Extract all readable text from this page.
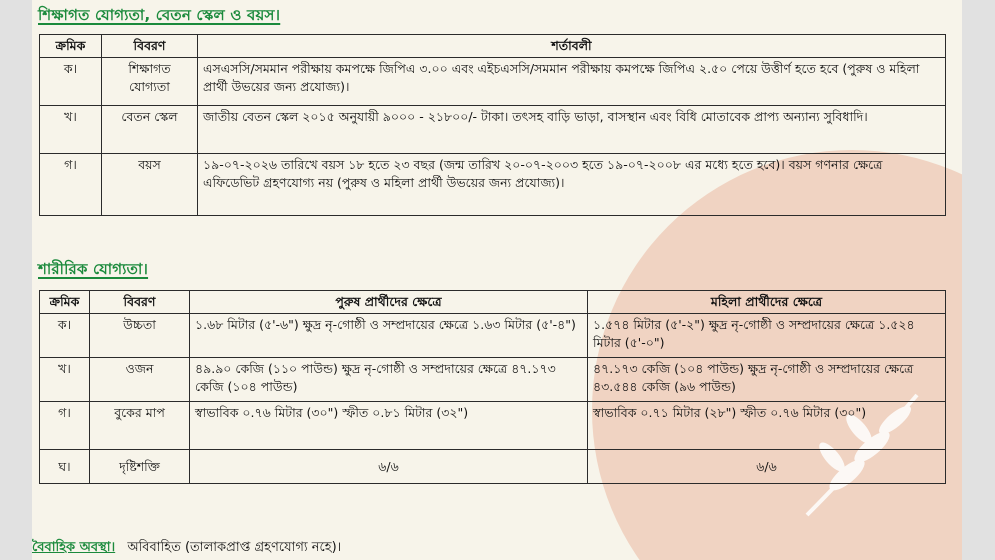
শিক্ষাগত যোগ্যতা, বেতন স্কেল ও বয়স।
ক্রমিক	বিবরণ	শর্তাবলী
ক।	শিক্ষাগত যোগ্যতা	এসএসসি/সমমান পরীক্ষায় কমপক্ষে জিপিএ ৩.০০ এবং এইচএসসি/সমমান পরীক্ষায় কমপক্ষে জিপিএ ২.৫০ পেয়ে উত্তীর্ণ হতে হবে (পুরুষ ও মহিলা প্রার্থী উভয়ের জন্য প্রযোজ্য)।
খ।	বেতন স্কেল	জাতীয় বেতন স্কেল ২০১৫ অনুযায়ী ৯০০০ - ২১৮০০/- টাকা। তৎসহ বাড়ি ভাড়া, বাসস্থান এবং বিধি মোতাবেক প্রাপ্য অন্যান্য সুবিধাদি।
গ।	বয়স	১৯-০৭-২০২৬ তারিখে বয়স ১৮ হতে ২৩ বছর (জন্ম তারিখ ২০-০৭-২০০৩ হতে ১৯-০৭-২০০৮ এর মধ্যে হতে হবে)। বয়স গণনার ক্ষেত্রে এফিডেভিট গ্রহণযোগ্য নয় (পুরুষ ও মহিলা প্রার্থী উভয়ের জন্য প্রযোজ্য)।
শারীরিক যোগ্যতা।
ক্রমিক	বিবরণ	পুরুষ প্রার্থীদের ক্ষেত্রে	মহিলা প্রার্থীদের ক্ষেত্রে
ক।	উচ্চতা	১.৬৮ মিটার (৫'-৬") ক্ষুদ্র নৃ-গোষ্ঠী ও সম্প্রদায়ের ক্ষেত্রে ১.৬৩ মিটার (৫'-৪")	১.৫৭৪ মিটার (৫'-২") ক্ষুদ্র নৃ-গোষ্ঠী ও সম্প্রদায়ের ক্ষেত্রে ১.৫২৪ মিটার (৫'-০")
খ।	ওজন	৪৯.৯০ কেজি (১১০ পাউন্ড) ক্ষুদ্র নৃ-গোষ্ঠী ও সম্প্রদায়ের ক্ষেত্রে ৪৭.১৭৩ কেজি (১০৪ পাউন্ড)	৪৭.১৭৩ কেজি (১০৪ পাউন্ড) ক্ষুদ্র নৃ-গোষ্ঠী ও সম্প্রদায়ের ক্ষেত্রে ৪৩.৫৪৪ কেজি (৯৬ পাউন্ড)
গ।	বুকের মাপ	স্বাভাবিক ০.৭৬ মিটার (৩০") স্ফীত ০.৮১ মিটার (৩২")	স্বাভাবিক ০.৭১ মিটার (২৮") স্ফীত ০.৭৬ মিটার (৩০")
ঘ।	দৃষ্টিশক্তি	৬/৬	৬/৬
বৈবাহিক অবস্থা। অবিবাহিত (তালাকপ্রাপ্ত গ্রহণযোগ্য নহে)।
